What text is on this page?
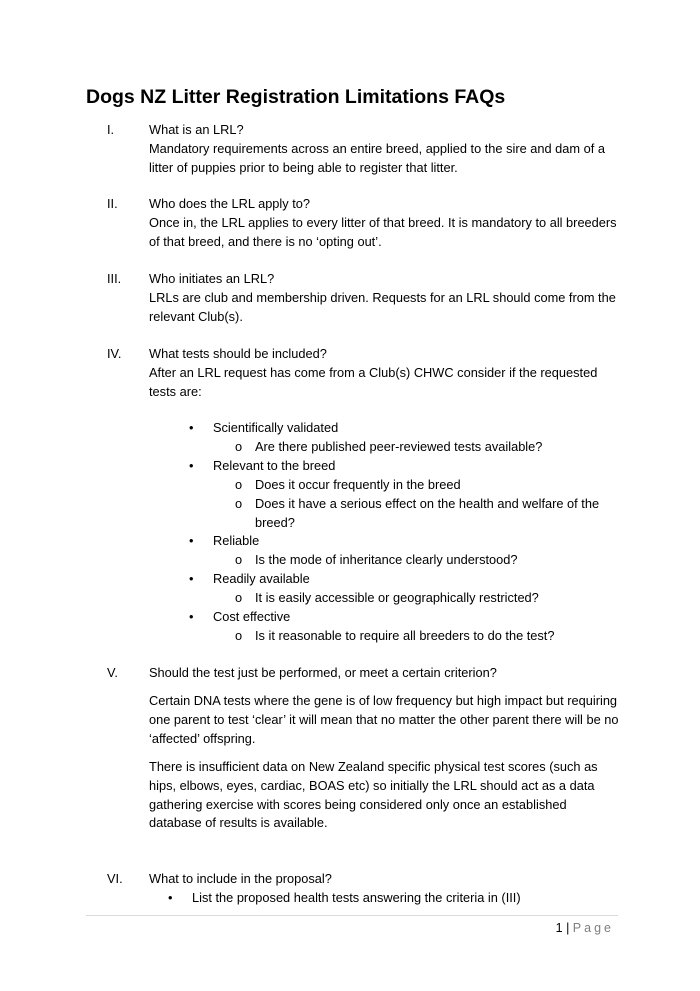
Dogs NZ Litter Registration Limitations FAQs
I.	What is an LRL?
Mandatory requirements across an entire breed, applied to the sire and dam of a litter of puppies prior to being able to register that litter.
II. Who does the LRL apply to?
Once in, the LRL applies to every litter of that breed. It is mandatory to all breeders of that breed, and there is no ‘opting out’.
III. Who initiates an LRL?
LRLs are club and membership driven. Requests for an LRL should come from the relevant Club(s).
IV. What tests should be included?
After an LRL request has come from a Club(s) CHWC consider if the requested tests are:
• Scientifically validated
o Are there published peer-reviewed tests available?
• Relevant to the breed
o Does it occur frequently in the breed
o Does it have a serious effect on the health and welfare of the breed?
• Reliable
o Is the mode of inheritance clearly understood?
• Readily available
o It is easily accessible or geographically restricted?
• Cost effective
o Is it reasonable to require all breeders to do the test?
V. Should the test just be performed, or meet a certain criterion?
Certain DNA tests where the gene is of low frequency but high impact but requiring one parent to test ‘clear’ it will mean that no matter the other parent there will be no ‘affected’ offspring.
There is insufficient data on New Zealand specific physical test scores (such as hips, elbows, eyes, cardiac, BOAS etc) so initially the LRL should act as a data gathering exercise with scores being considered only once an established database of results is available.
VI. What to include in the proposal?
• List the proposed health tests answering the criteria in (III)
1 | Page
